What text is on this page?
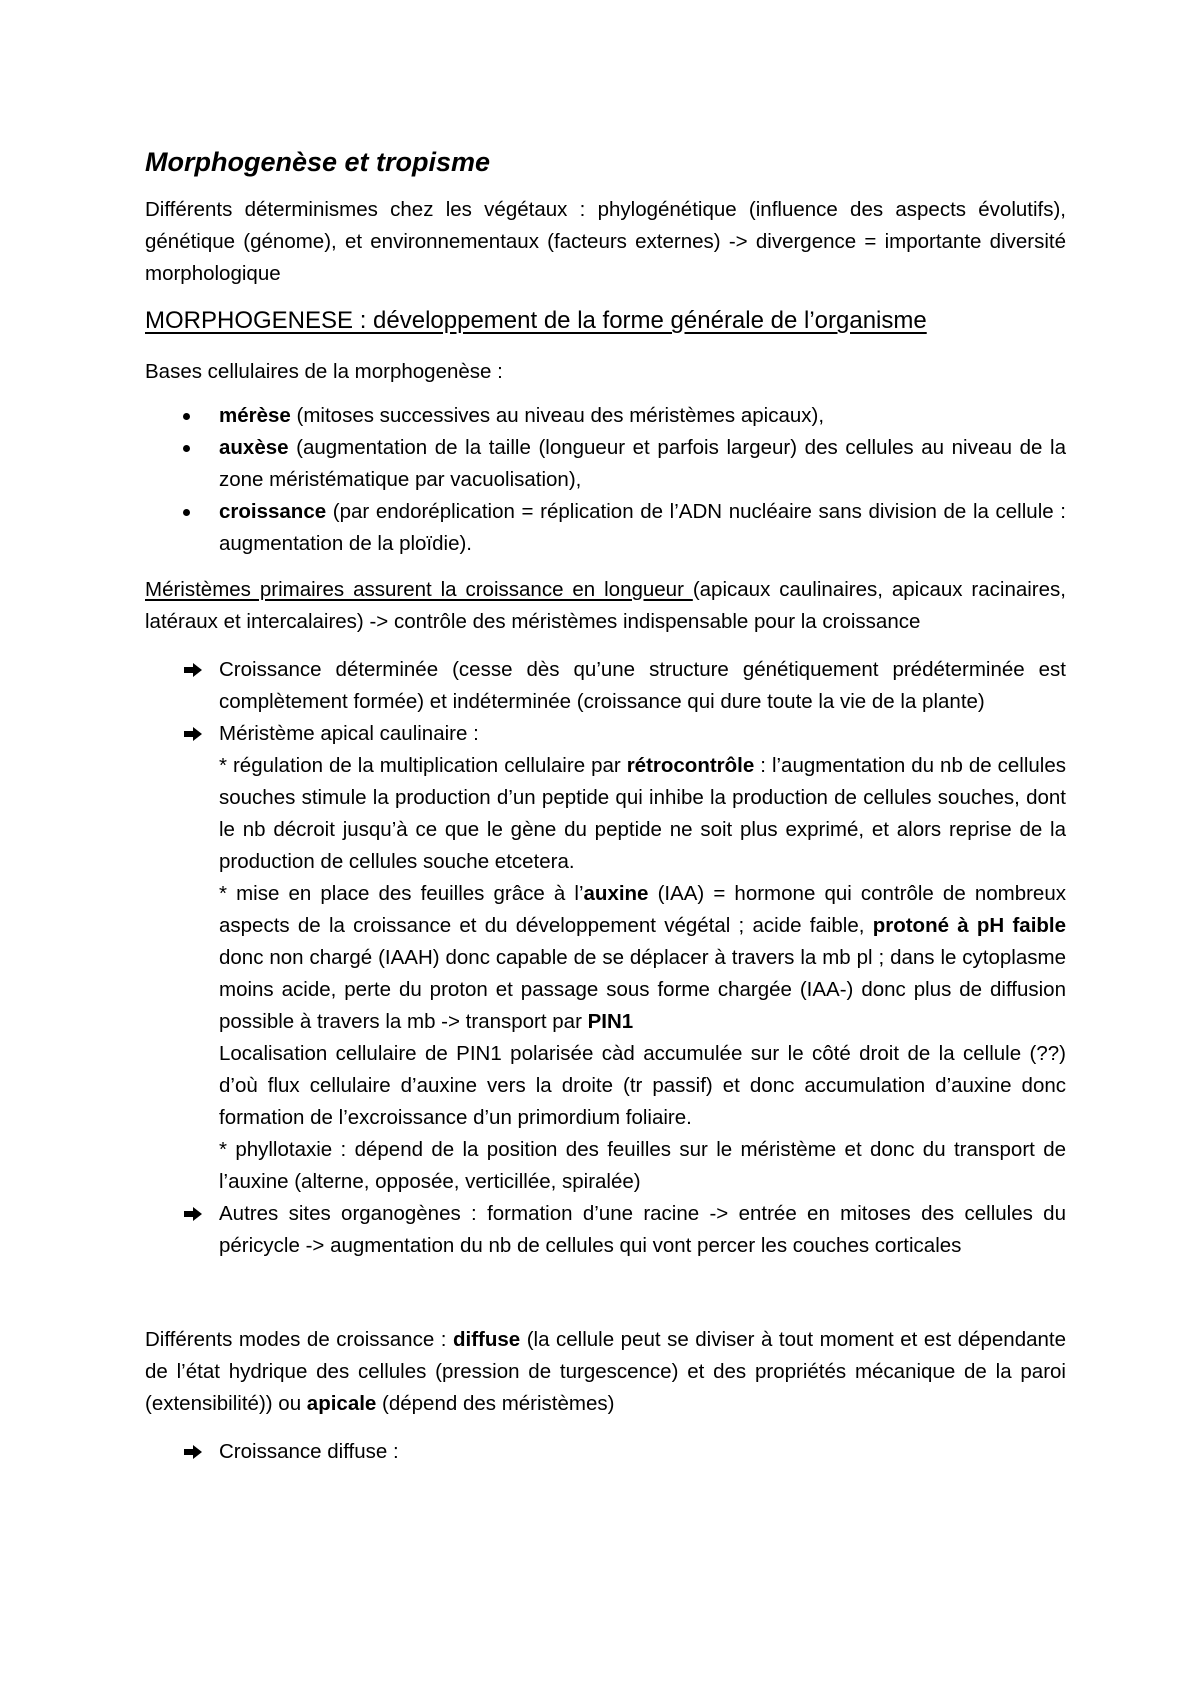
Morphogenèse et tropisme

Différents déterminismes chez les végétaux : phylogénétique (influence des aspects évolutifs), génétique (génome), et environnementaux (facteurs externes) -> divergence = importante diversité morphologique

MORPHOGENESE : développement de la forme générale de l’organisme

Bases cellulaires de la morphogenèse :

mérèse (mitoses successives au niveau des méristèmes apicaux),
auxèse (augmentation de la taille (longueur et parfois largeur) des cellules au niveau de la zone méristématique par vacuolisation),
croissance (par endoréplication = réplication de l’ADN nucléaire sans division de la cellule : augmentation de la ploïdie).

Méristèmes primaires assurent la croissance en longueur (apicaux caulinaires, apicaux racinaires, latéraux et intercalaires) -> contrôle des méristèmes indispensable pour la croissance

Croissance déterminée (cesse dès qu’une structure génétiquement prédéterminée est complètement formée) et indéterminée (croissance qui dure toute la vie de la plante)
Méristème apical caulinaire :
* régulation de la multiplication cellulaire par rétrocontrôle : l’augmentation du nb de cellules souches stimule la production d’un peptide qui inhibe la production de cellules souches, dont le nb décroit jusqu’à ce que le gène du peptide ne soit plus exprimé, et alors reprise de la production de cellules souche etcetera.
* mise en place des feuilles grâce à l’auxine (IAA) = hormone qui contrôle de nombreux aspects de la croissance et du développement végétal ; acide faible, protoné à pH faible donc non chargé (IAAH) donc capable de se déplacer à travers la mb pl ; dans le cytoplasme moins acide, perte du proton et passage sous forme chargée (IAA-) donc plus de diffusion possible à travers la mb -> transport par PIN1
Localisation cellulaire de PIN1 polarisée càd accumulée sur le côté droit de la cellule (??) d’où flux cellulaire d’auxine vers la droite (tr passif) et donc accumulation d’auxine donc formation de l’excroissance d’un primordium foliaire.
* phyllotaxie : dépend de la position des feuilles sur le méristème et donc du transport de l’auxine (alterne, opposée, verticillée, spiralée)
Autres sites organogènes : formation d’une racine -> entrée en mitoses des cellules du péricycle -> augmentation du nb de cellules qui vont percer les couches corticales

Différents modes de croissance : diffuse (la cellule peut se diviser à tout moment et est dépendante de l’état hydrique des cellules (pression de turgescence) et des propriétés mécanique de la paroi (extensibilité)) ou apicale (dépend des méristèmes)

Croissance diffuse :
